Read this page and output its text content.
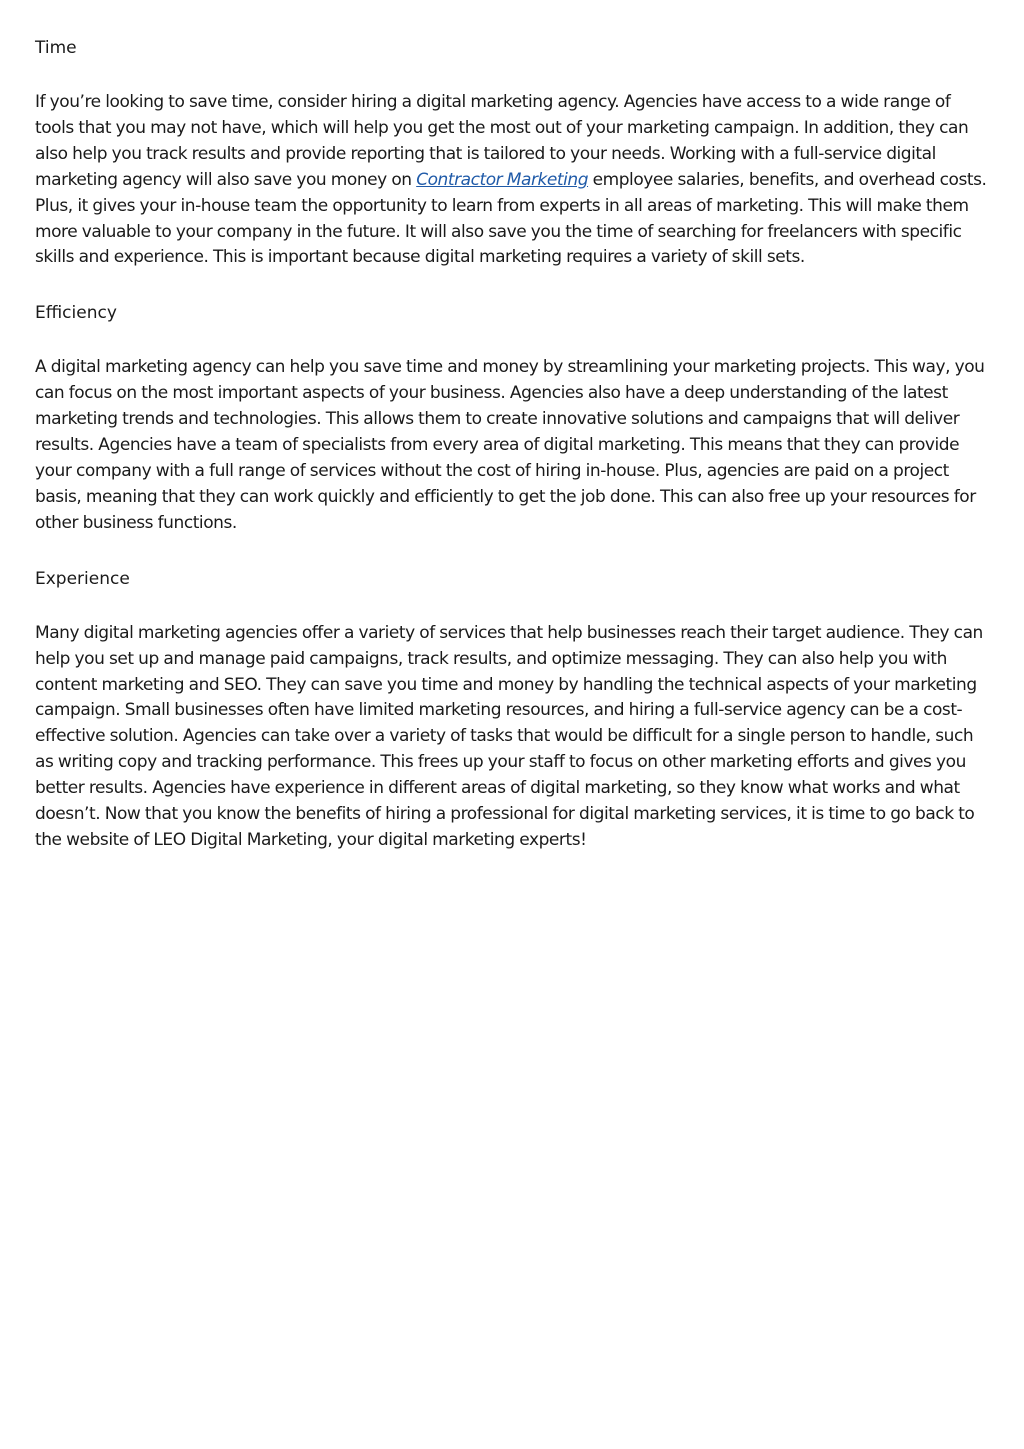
Time

If you’re looking to save time, consider hiring a digital marketing agency. Agencies have access to a wide range of tools that you may not have, which will help you get the most out of your marketing campaign. In addition, they can also help you track results and provide reporting that is tailored to your needs. Working with a full-service digital marketing agency will also save you money on Contractor Marketing employee salaries, benefits, and overhead costs. Plus, it gives your in-house team the opportunity to learn from experts in all areas of marketing. This will make them more valuable to your company in the future. It will also save you the time of searching for freelancers with specific skills and experience. This is important because digital marketing requires a variety of skill sets.

Efficiency

A digital marketing agency can help you save time and money by streamlining your marketing projects. This way, you can focus on the most important aspects of your business. Agencies also have a deep understanding of the latest marketing trends and technologies. This allows them to create innovative solutions and campaigns that will deliver results. Agencies have a team of specialists from every area of digital marketing. This means that they can provide your company with a full range of services without the cost of hiring in-house. Plus, agencies are paid on a project basis, meaning that they can work quickly and efficiently to get the job done. This can also free up your resources for other business functions.

Experience

Many digital marketing agencies offer a variety of services that help businesses reach their target audience. They can help you set up and manage paid campaigns, track results, and optimize messaging. They can also help you with content marketing and SEO. They can save you time and money by handling the technical aspects of your marketing campaign. Small businesses often have limited marketing resources, and hiring a full-service agency can be a cost-effective solution. Agencies can take over a variety of tasks that would be difficult for a single person to handle, such as writing copy and tracking performance. This frees up your staff to focus on other marketing efforts and gives you better results. Agencies have experience in different areas of digital marketing, so they know what works and what doesn’t. Now that you know the benefits of hiring a professional for digital marketing services, it is time to go back to the website of LEO Digital Marketing, your digital marketing experts!
